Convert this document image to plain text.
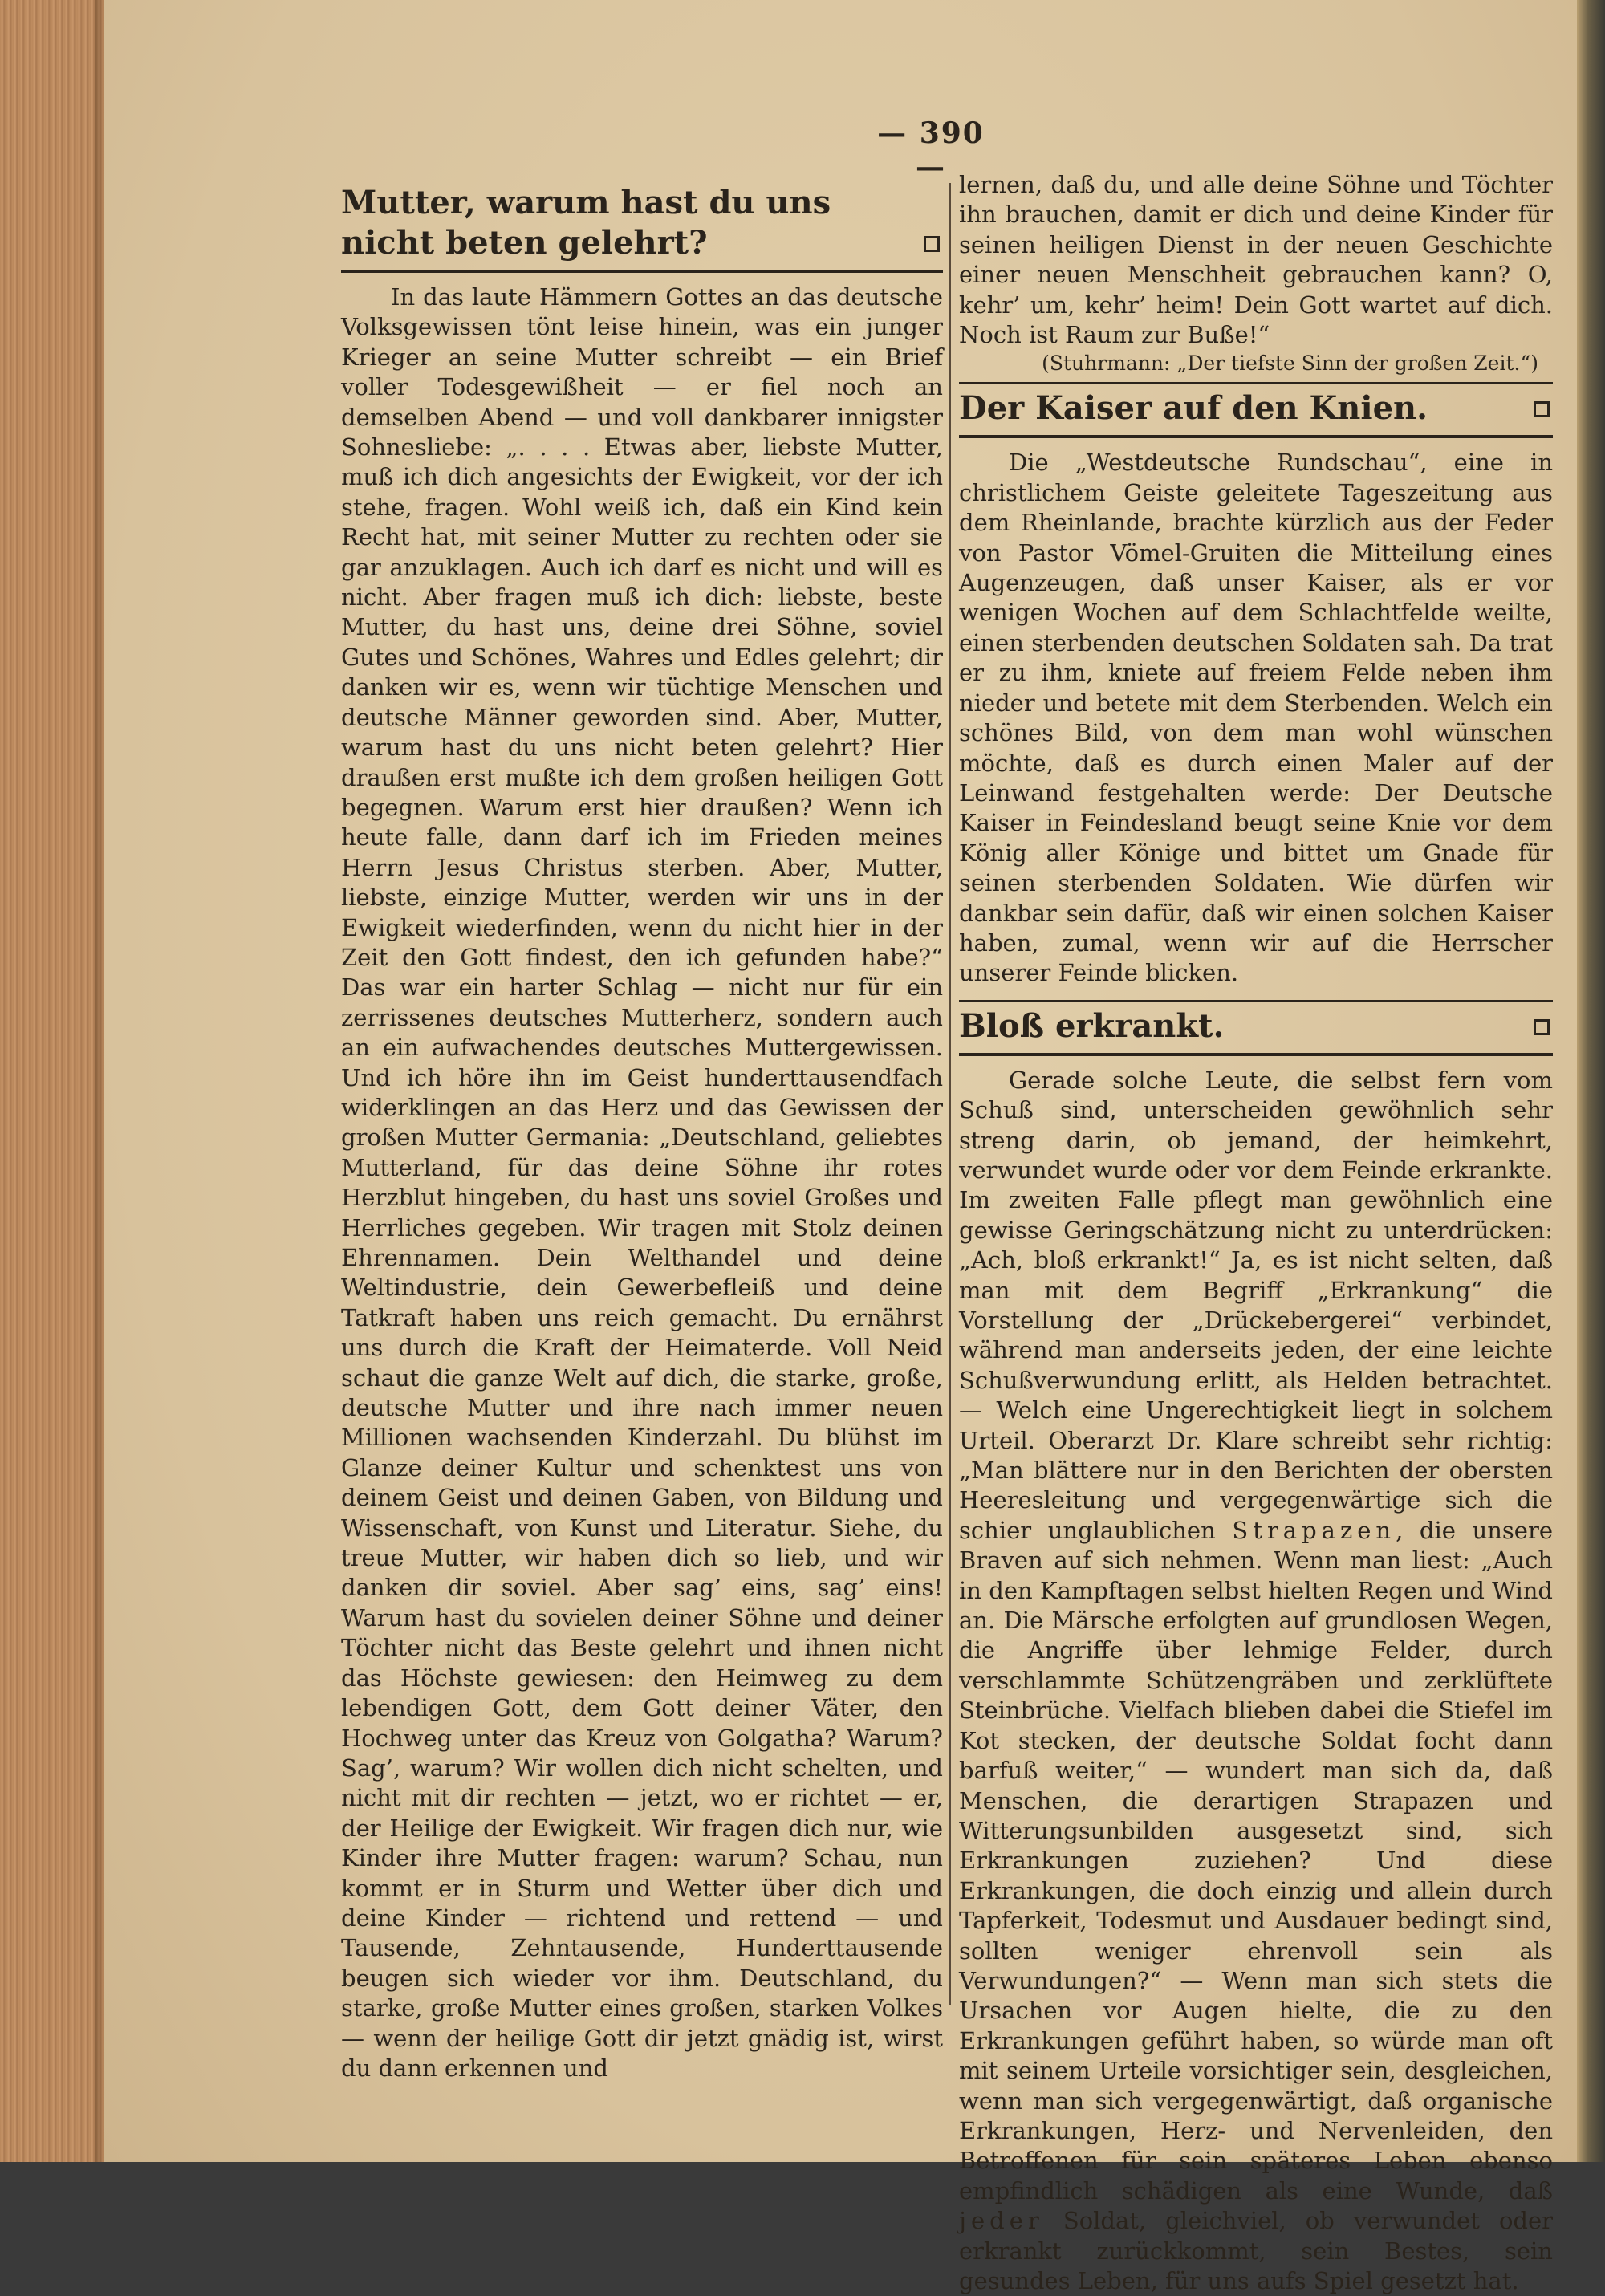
— 390 —
Mutter, warum hast du uns nicht beten gelehrt?

In das laute Hämmern Gottes an das deutsche Volksgewissen tönt leise hinein, was ein junger Krieger an seine Mutter schreibt — ein Brief voller Todesgewißheit — er fiel noch an demselben Abend — und voll dankbarer innigster Sohnesliebe: „. . . . Etwas aber, liebste Mutter, muß ich dich angesichts der Ewigkeit, vor der ich stehe, fragen. Wohl weiß ich, daß ein Kind kein Recht hat, mit seiner Mutter zu rechten oder sie gar anzuklagen. Auch ich darf es nicht und will es nicht. Aber fragen muß ich dich: liebste, beste Mutter, du hast uns, deine drei Söhne, soviel Gutes und Schönes, Wahres und Edles gelehrt; dir danken wir es, wenn wir tüchtige Menschen und deutsche Männer geworden sind. Aber, Mutter, warum hast du uns nicht beten gelehrt? Hier draußen erst mußte ich dem großen heiligen Gott begegnen. Warum erst hier draußen? Wenn ich heute falle, dann darf ich im Frieden meines Herrn Jesus Christus sterben. Aber, Mutter, liebste, einzige Mutter, werden wir uns in der Ewigkeit wiederfinden, wenn du nicht hier in der Zeit den Gott findest, den ich gefunden habe?“ Das war ein harter Schlag — nicht nur für ein zerrissenes deutsches Mutterherz, sondern auch an ein aufwachendes deutsches Muttergewissen. Und ich höre ihn im Geist hunderttausendfach widerklingen an das Herz und das Gewissen der großen Mutter Germania: „Deutschland, geliebtes Mutterland, für das deine Söhne ihr rotes Herzblut hingeben, du hast uns soviel Großes und Herrliches gegeben. Wir tragen mit Stolz deinen Ehrennamen. Dein Welthandel und deine Weltindustrie, dein Gewerbefleiß und deine Tatkraft haben uns reich gemacht. Du ernährst uns durch die Kraft der Heimaterde. Voll Neid schaut die ganze Welt auf dich, die starke, große, deutsche Mutter und ihre nach immer neuen Millionen wachsenden Kinderzahl. Du blühst im Glanze deiner Kultur und schenktest uns von deinem Geist und deinen Gaben, von Bildung und Wissenschaft, von Kunst und Literatur. Siehe, du treue Mutter, wir haben dich so lieb, und wir danken dir soviel. Aber sag’ eins, sag’ eins! Warum hast du sovielen deiner Söhne und deiner Töchter nicht das Beste gelehrt und ihnen nicht das Höchste gewiesen: den Heimweg zu dem lebendigen Gott, dem Gott deiner Väter, den Hochweg unter das Kreuz von Golgatha? Warum? Sag’, warum? Wir wollen dich nicht schelten, und nicht mit dir rechten — jetzt, wo er richtet — er, der Heilige der Ewigkeit. Wir fragen dich nur, wie Kinder ihre Mutter fragen: warum? Schau, nun kommt er in Sturm und Wetter über dich und deine Kinder — richtend und rettend — und Tausende, Zehntausende, Hunderttausende beugen sich wieder vor ihm. Deutschland, du starke, große Mutter eines großen, starken Volkes — wenn der heilige Gott dir jetzt gnädig ist, wirst du dann erkennen und

lernen, daß du, und alle deine Söhne und Töchter ihn brauchen, damit er dich und deine Kinder für seinen heiligen Dienst in der neuen Geschichte einer neuen Menschheit gebrauchen kann? O, kehr’ um, kehr’ heim! Dein Gott wartet auf dich. Noch ist Raum zur Buße!“

(Stuhrmann: „Der tiefste Sinn der großen Zeit.“)

Der Kaiser auf den Knien.

Die „Westdeutsche Rundschau“, eine in christlichem Geiste geleitete Tageszeitung aus dem Rheinlande, brachte kürzlich aus der Feder von Pastor Vömel-Gruiten die Mitteilung eines Augenzeugen, daß unser Kaiser, als er vor wenigen Wochen auf dem Schlachtfelde weilte, einen sterbenden deutschen Soldaten sah. Da trat er zu ihm, kniete auf freiem Felde neben ihm nieder und betete mit dem Sterbenden. Welch ein schönes Bild, von dem man wohl wünschen möchte, daß es durch einen Maler auf der Leinwand festgehalten werde: Der Deutsche Kaiser in Feindesland beugt seine Knie vor dem König aller Könige und bittet um Gnade für seinen sterbenden Soldaten. Wie dürfen wir dankbar sein dafür, daß wir einen solchen Kaiser haben, zumal, wenn wir auf die Herrscher unserer Feinde blicken.

Bloß erkrankt.

Gerade solche Leute, die selbst fern vom Schuß sind, unterscheiden gewöhnlich sehr streng darin, ob jemand, der heimkehrt, verwundet wurde oder vor dem Feinde erkrankte. Im zweiten Falle pflegt man gewöhnlich eine gewisse Geringschätzung nicht zu unterdrücken: „Ach, bloß erkrankt!“ Ja, es ist nicht selten, daß man mit dem Begriff „Erkrankung“ die Vorstellung der „Drückebergerei“ verbindet, während man anderseits jeden, der eine leichte Schußverwundung erlitt, als Helden betrachtet. — Welch eine Ungerechtigkeit liegt in solchem Urteil. Oberarzt Dr. Klare schreibt sehr richtig: „Man blättere nur in den Berichten der obersten Heeresleitung und vergegenwärtige sich die schier unglaublichen Strapazen, die unsere Braven auf sich nehmen. Wenn man liest: „Auch in den Kampftagen selbst hielten Regen und Wind an. Die Märsche erfolgten auf grundlosen Wegen, die Angriffe über lehmige Felder, durch verschlammte Schützengräben und zerklüftete Steinbrüche. Vielfach blieben dabei die Stiefel im Kot stecken, der deutsche Soldat focht dann barfuß weiter,“ — wundert man sich da, daß Menschen, die derartigen Strapazen und Witterungsunbilden ausgesetzt sind, sich Erkrankungen zuziehen? Und diese Erkrankungen, die doch einzig und allein durch Tapferkeit, Todesmut und Ausdauer bedingt sind, sollten weniger ehrenvoll sein als Verwundungen?“ — Wenn man sich stets die Ursachen vor Augen hielte, die zu den Erkrankungen geführt haben, so würde man oft mit seinem Urteile vorsichtiger sein, desgleichen, wenn man sich vergegenwärtigt, daß organische Erkrankungen, Herz- und Nervenleiden, den Betroffenen für sein späteres Leben ebenso empfindlich schädigen als eine Wunde, daß jeder Soldat, gleichviel, ob verwundet oder erkrankt zurückkommt, sein Bestes, sein gesundes Leben, für uns aufs Spiel gesetzt hat.
